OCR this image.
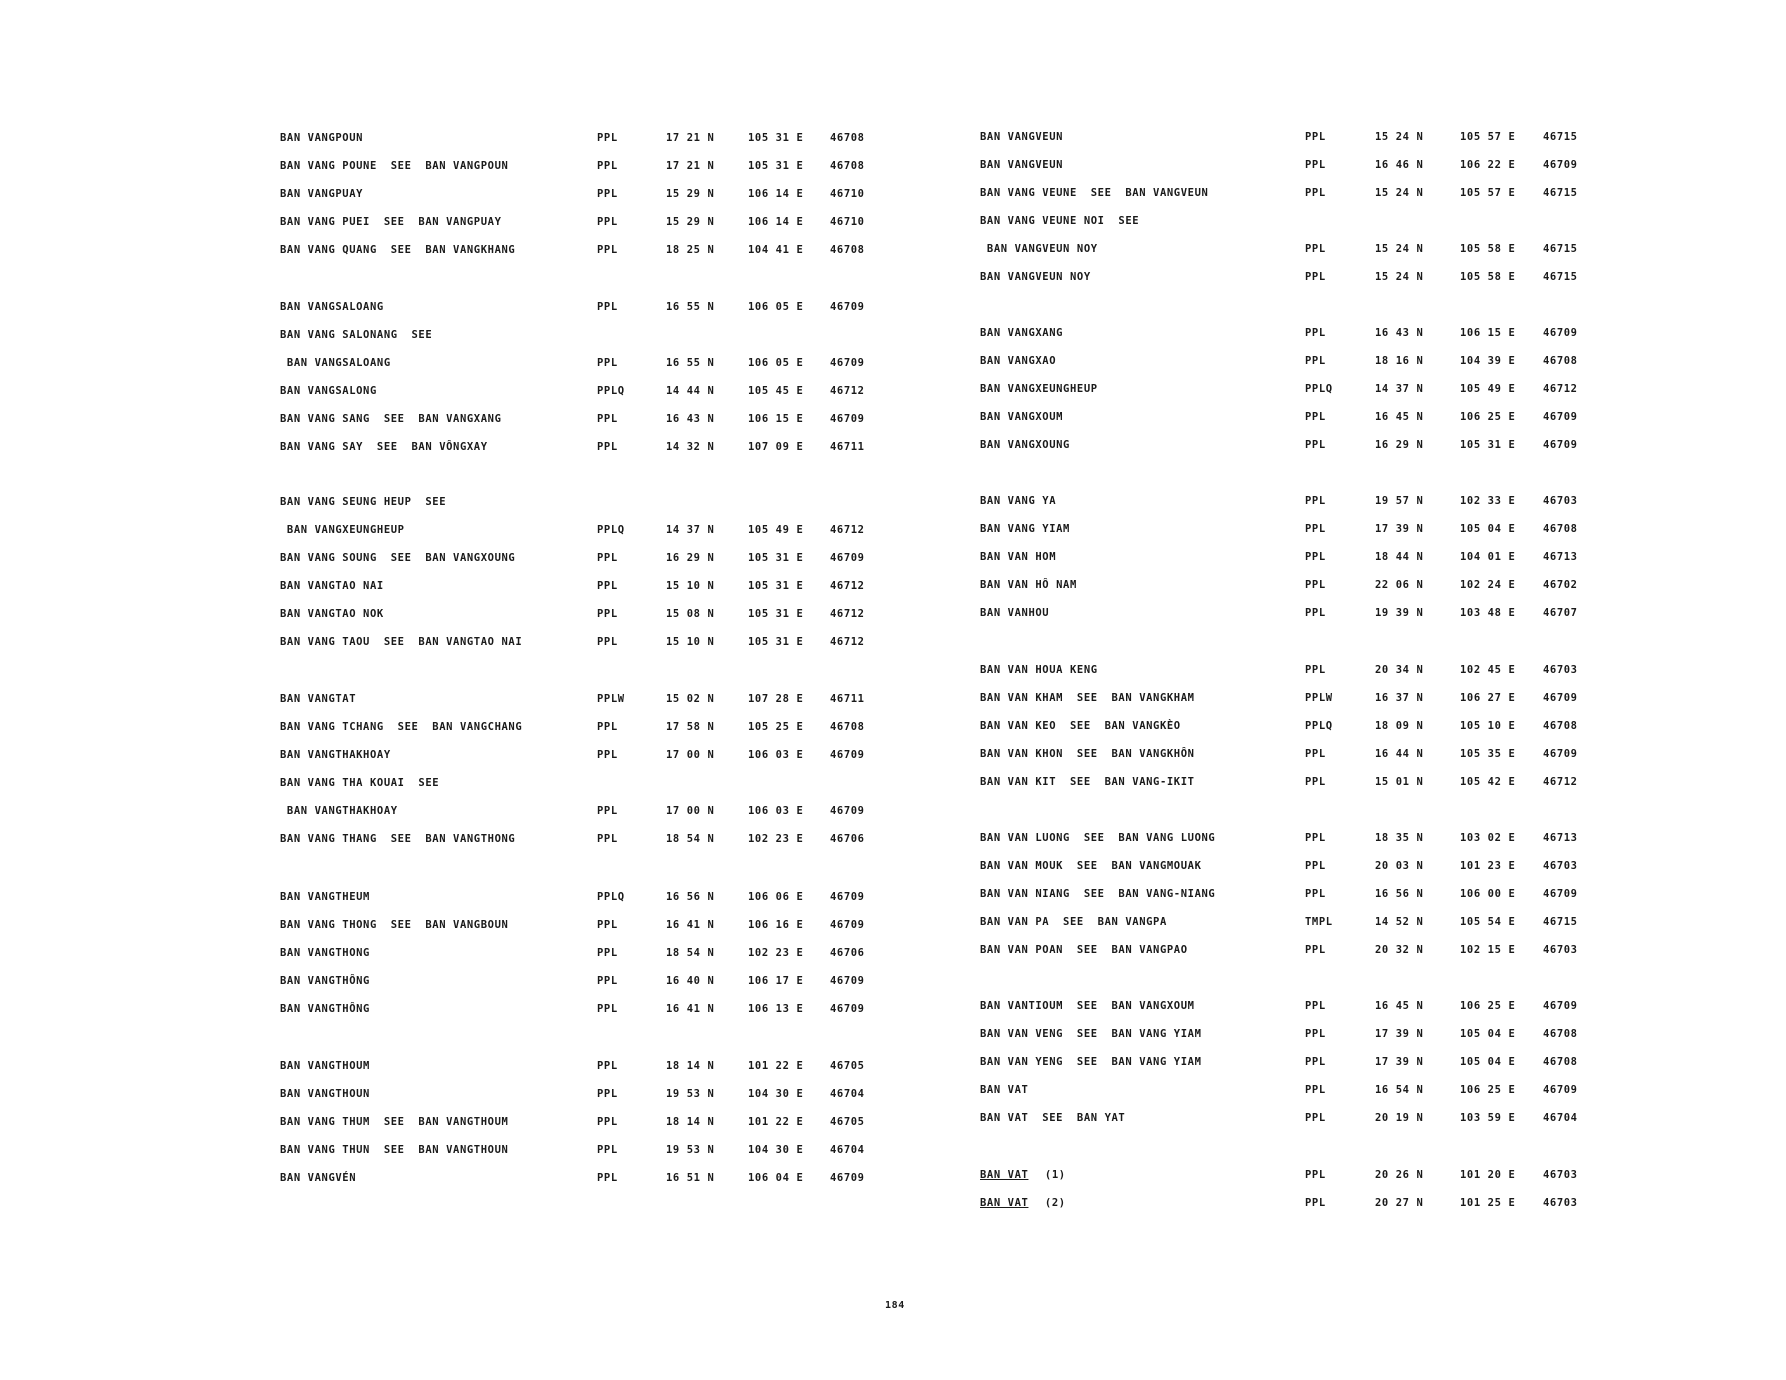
BAN VANGPOUN	PPL	17 21 N	105 31 E	46708
BAN VANG POUNE  SEE  BAN VANGPOUN	PPL	17 21 N	105 31 E	46708
BAN VANGPUAY	PPL	15 29 N	106 14 E	46710
BAN VANG PUEI  SEE  BAN VANGPUAY	PPL	15 29 N	106 14 E	46710
BAN VANG QUANG  SEE  BAN VANGKHANG	PPL	18 25 N	104 41 E	46708
BAN VANGSALOANG	PPL	16 55 N	106 05 E	46709
BAN VANG SALONANG  SEE
BAN VANGSALOANG	PPL	16 55 N	106 05 E	46709
BAN VANGSALONG	PPLQ	14 44 N	105 45 E	46712
BAN VANG SANG  SEE  BAN VANGXANG	PPL	16 43 N	106 15 E	46709
BAN VANG SAY  SEE  BAN VÔNGXAY	PPL	14 32 N	107 09 E	46711
BAN VANG SEUNG HEUP  SEE
BAN VANGXEUNGHEUP	PPLQ	14 37 N	105 49 E	46712
BAN VANG SOUNG  SEE  BAN VANGXOUNG	PPL	16 29 N	105 31 E	46709
BAN VANGTAO NAI	PPL	15 10 N	105 31 E	46712
BAN VANGTAO NOK	PPL	15 08 N	105 31 E	46712
BAN VANG TAOU  SEE  BAN VANGTAO NAI	PPL	15 10 N	105 31 E	46712
BAN VANGTAT	PPLW	15 02 N	107 28 E	46711
BAN VANG TCHANG  SEE  BAN VANGCHANG	PPL	17 58 N	105 25 E	46708
BAN VANGTHAKHOAY	PPL	17 00 N	106 03 E	46709
BAN VANG THA KOUAI  SEE
BAN VANGTHAKHOAY	PPL	17 00 N	106 03 E	46709
BAN VANG THANG  SEE  BAN VANGTHONG	PPL	18 54 N	102 23 E	46706
BAN VANGTHEUM	PPLQ	16 56 N	106 06 E	46709
BAN VANG THONG  SEE  BAN VANGBOUN	PPL	16 41 N	106 16 E	46709
BAN VANGTHONG	PPL	18 54 N	102 23 E	46706
BAN VANGTHÔNG	PPL	16 40 N	106 17 E	46709
BAN VANGTHÔNG	PPL	16 41 N	106 13 E	46709
BAN VANGTHOUM	PPL	18 14 N	101 22 E	46705
BAN VANGTHOUN	PPL	19 53 N	104 30 E	46704
BAN VANG THUM  SEE  BAN VANGTHOUM	PPL	18 14 N	101 22 E	46705
BAN VANG THUN  SEE  BAN VANGTHOUN	PPL	19 53 N	104 30 E	46704
BAN VANGVÉN	PPL	16 51 N	106 04 E	46709
BAN VANGVEUN	PPL	15 24 N	105 57 E	46715
BAN VANGVEUN	PPL	16 46 N	106 22 E	46709
BAN VANG VEUNE  SEE  BAN VANGVEUN	PPL	15 24 N	105 57 E	46715
BAN VANG VEUNE NOI  SEE
BAN VANGVEUN NOY	PPL	15 24 N	105 58 E	46715
BAN VANGVEUN NOY	PPL	15 24 N	105 58 E	46715
BAN VANGXANG	PPL	16 43 N	106 15 E	46709
BAN VANGXAO	PPL	18 16 N	104 39 E	46708
BAN VANGXEUNGHEUP	PPLQ	14 37 N	105 49 E	46712
BAN VANGXOUM	PPL	16 45 N	106 25 E	46709
BAN VANGXOUNG	PPL	16 29 N	105 31 E	46709
BAN VANG YA	PPL	19 57 N	102 33 E	46703
BAN VANG YIAM	PPL	17 39 N	105 04 E	46708
BAN VAN HOM	PPL	18 44 N	104 01 E	46713
BAN VAN HÔ NAM	PPL	22 06 N	102 24 E	46702
BAN VANHOU	PPL	19 39 N	103 48 E	46707
BAN VAN HOUA KENG	PPL	20 34 N	102 45 E	46703
BAN VAN KHAM  SEE  BAN VANGKHAM	PPLW	16 37 N	106 27 E	46709
BAN VAN KEO  SEE  BAN VANGKÈO	PPLQ	18 09 N	105 10 E	46708
BAN VAN KHON  SEE  BAN VANGKHÔN	PPL	16 44 N	105 35 E	46709
BAN VAN KIT  SEE  BAN VANG-IKIT	PPL	15 01 N	105 42 E	46712
BAN VAN LUONG  SEE  BAN VANG LUONG	PPL	18 35 N	103 02 E	46713
BAN VAN MOUK  SEE  BAN VANGMOUAK	PPL	20 03 N	101 23 E	46703
BAN VAN NIANG  SEE  BAN VANG-NIANG	PPL	16 56 N	106 00 E	46709
BAN VAN PA  SEE  BAN VANGPA	TMPL	14 52 N	105 54 E	46715
BAN VAN POAN  SEE  BAN VANGPAO	PPL	20 32 N	102 15 E	46703
BAN VANTIOUM  SEE  BAN VANGXOUM	PPL	16 45 N	106 25 E	46709
BAN VAN VENG  SEE  BAN VANG YIAM	PPL	17 39 N	105 04 E	46708
BAN VAN YENG  SEE  BAN VANG YIAM	PPL	17 39 N	105 04 E	46708
BAN VAT	PPL	16 54 N	106 25 E	46709
BAN VAT  SEE  BAN YAT	PPL	20 19 N	103 59 E	46704
BAN VAT (1)	PPL	20 26 N	101 20 E	46703
BAN VAT (2)	PPL	20 27 N	101 25 E	46703
184
